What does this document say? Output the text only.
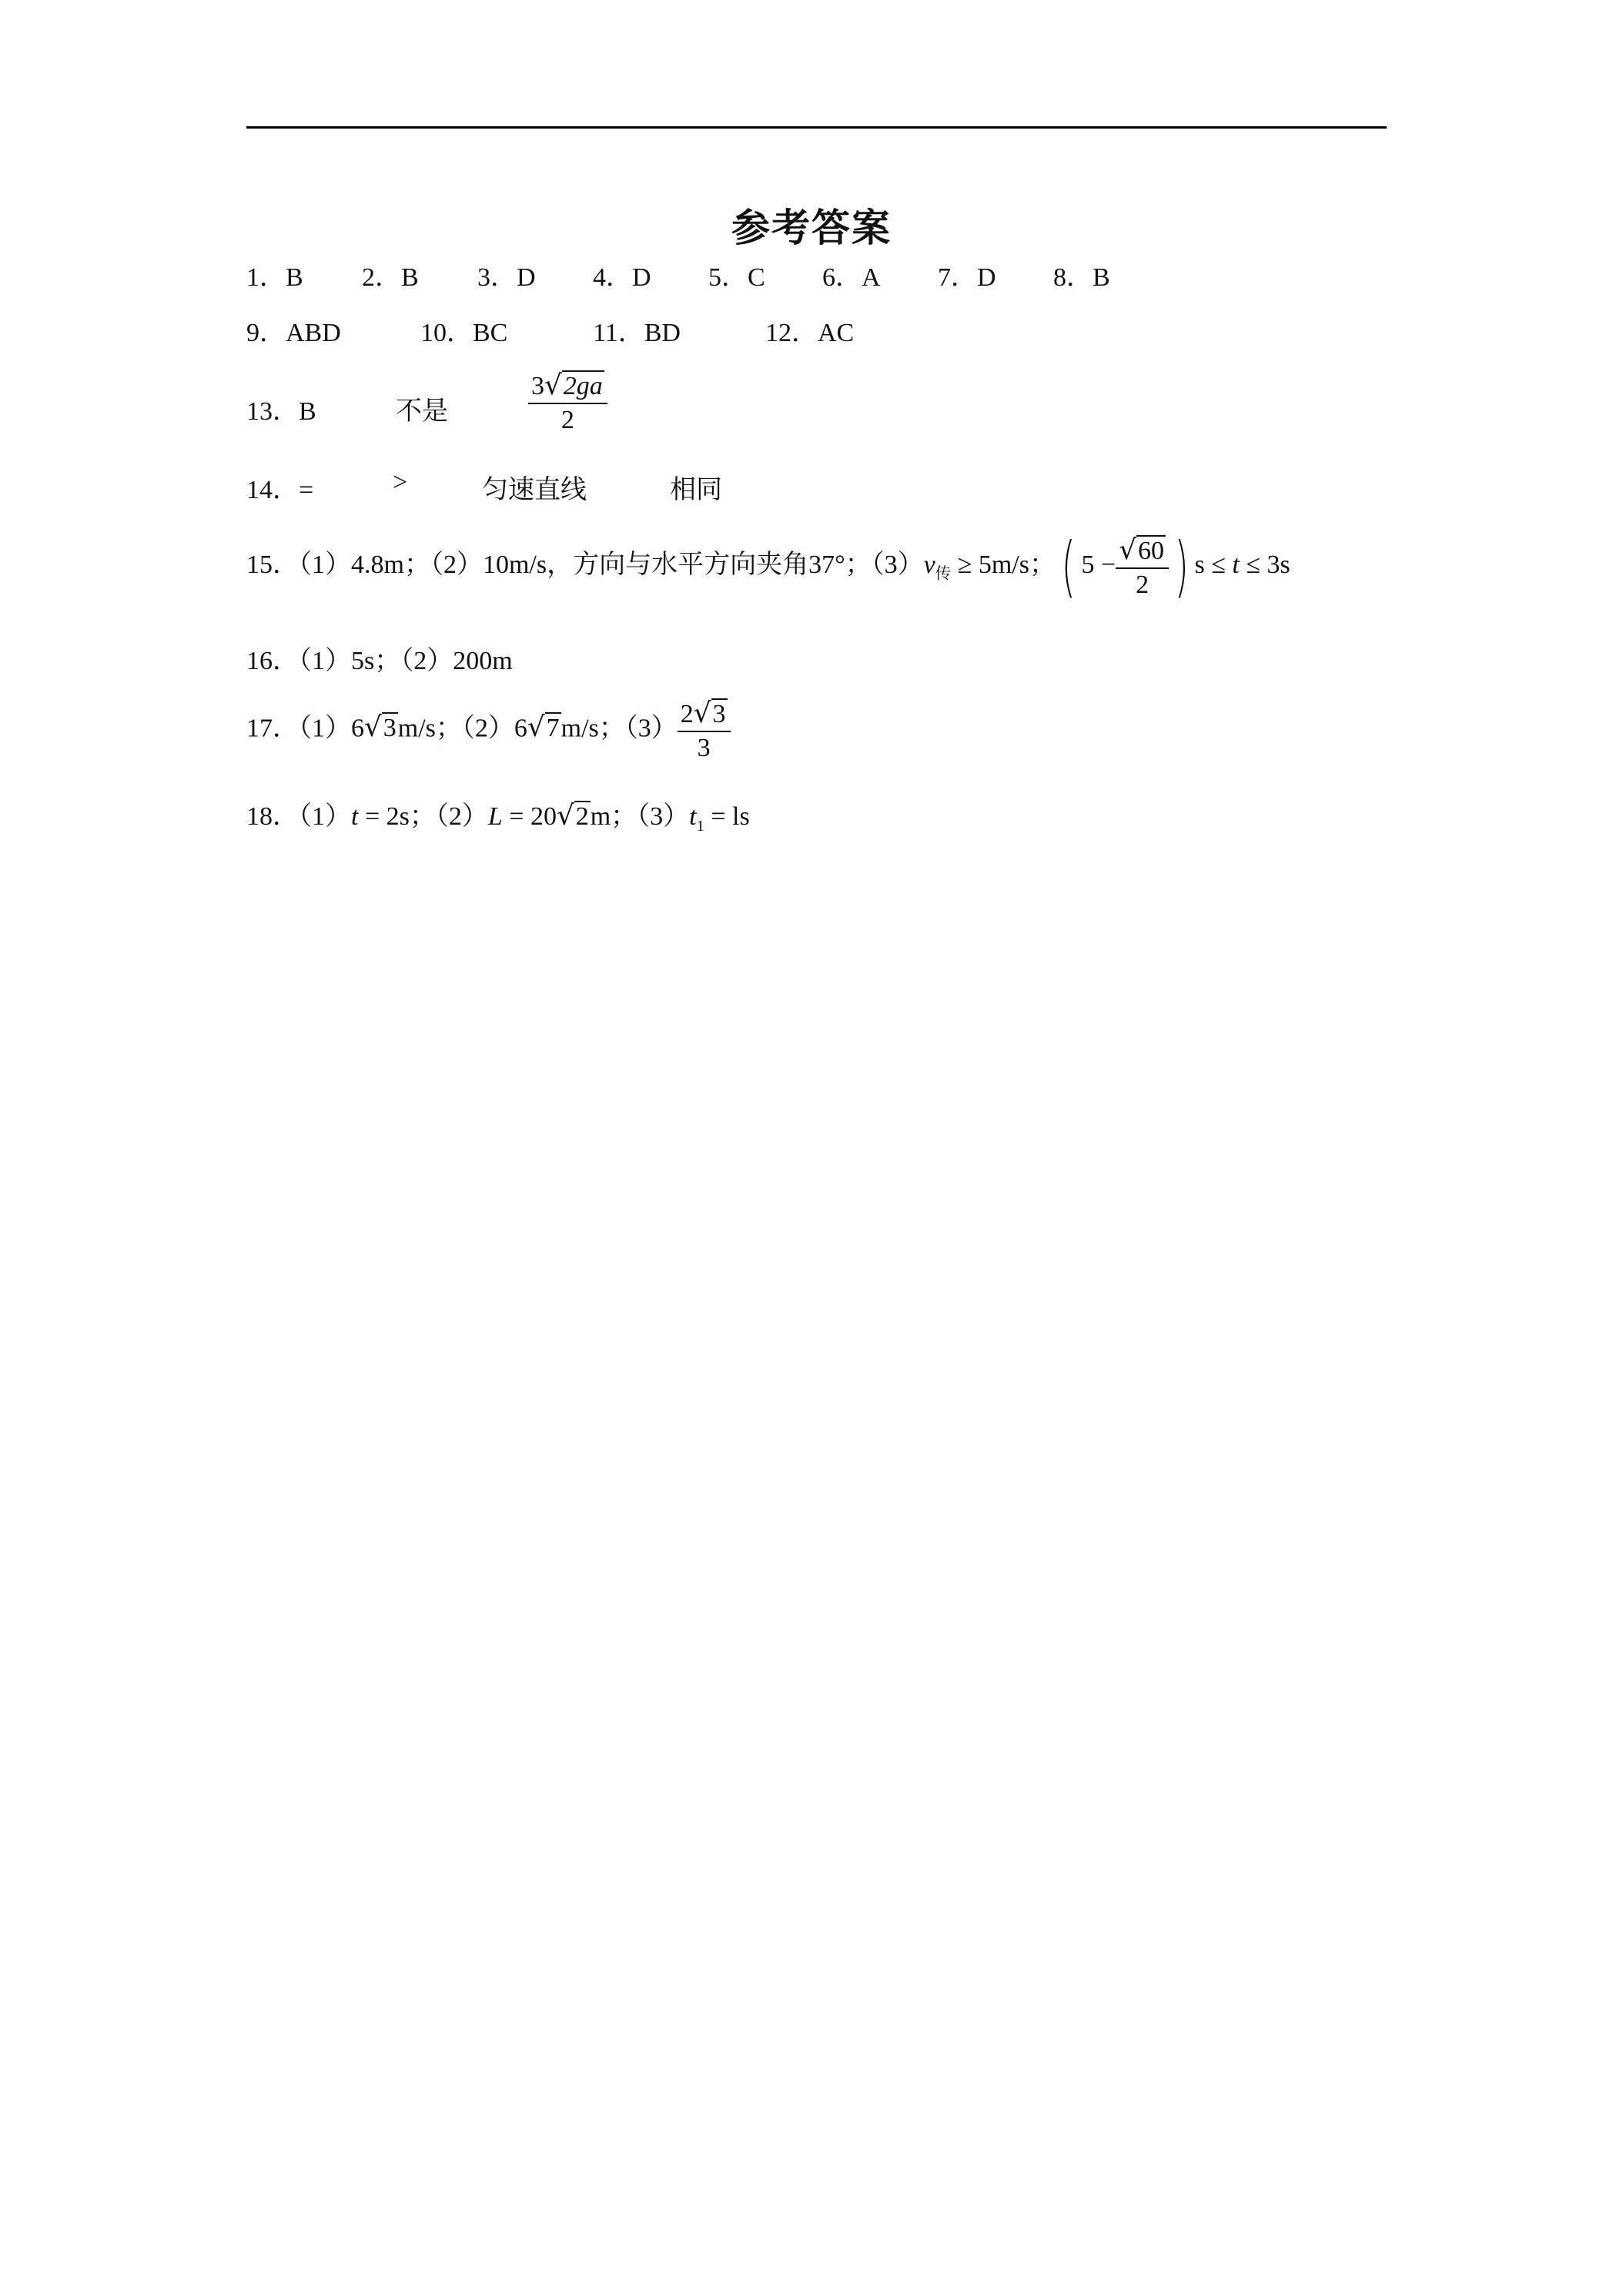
参考答案
1．B 2．B 3．D 4．D 5．C 6．A 7．D 8．B
9．ABD	10．BC	11．BD	12．AC
13．B	不是	$\frac{3√2ga}{2}$
14．=	>	匀速直线	相同
15．（1）4.8m；（2）10m/s，方向与水平方向夹角37°；$(3)v_传 \ge 5m/s$；( $5 - \frac{√60}{2}$ ) s ≤ t ≤ 3s
16．（1）5s；（2）200m
17．（1）6√3m/s；（2）6√7m/s；$(3) \frac{2√3}{3}$
18．（1）t = 2s；（2）L = 20√2m；$(3)t_1$ = ls
